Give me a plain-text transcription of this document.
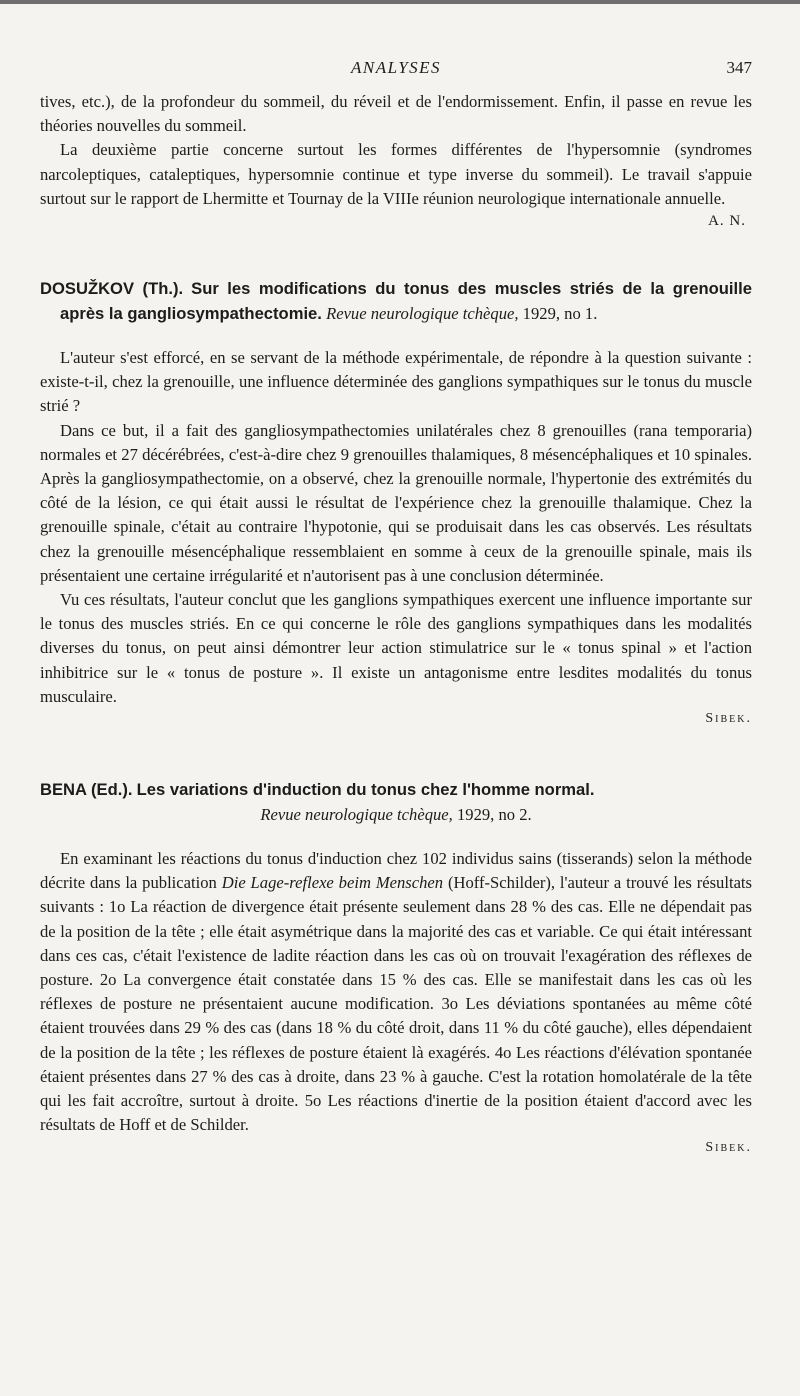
ANALYSES	347

tives, etc.), de la profondeur du sommeil, du réveil et de l'endormissement. Enfin, il passe en revue les théories nouvelles du sommeil.

La deuxième partie concerne surtout les formes différentes de l'hypersomnie (syndromes narcoleptiques, cataleptiques, hypersomnie continue et type inverse du sommeil). Le travail s'appuie surtout sur le rapport de Lhermitte et Tournay de la VIIIe réunion neurologique internationale annuelle.

A. N.
DOSUŽKOV (Th.). Sur les modifications du tonus des muscles striés de la grenouille après la gangliosympathectomie. Revue neurologique tchèque, 1929, no 1.

L'auteur s'est efforcé, en se servant de la méthode expérimentale, de répondre à la question suivante : existe-t-il, chez la grenouille, une influence déterminée des ganglions sympathiques sur le tonus du muscle strié ?

Dans ce but, il a fait des gangliosympathectomies unilatérales chez 8 grenouilles (rana temporaria) normales et 27 décérébrées, c'est-à-dire chez 9 grenouilles thalamiques, 8 mésencéphaliques et 10 spinales. Après la gangliosympathectomie, on a observé, chez la grenouille normale, l'hypertonie des extrémités du côté de la lésion, ce qui était aussi le résultat de l'expérience chez la grenouille thalamique. Chez la grenouille spinale, c'était au contraire l'hypotonie, qui se produisait dans les cas observés. Les résultats chez la grenouille mésencéphalique ressemblaient en somme à ceux de la grenouille spinale, mais ils présentaient une certaine irrégularité et n'autorisent pas à une conclusion déterminée.

Vu ces résultats, l'auteur conclut que les ganglions sympathiques exercent une influence importante sur le tonus des muscles striés. En ce qui concerne le rôle des ganglions sympathiques dans les modalités diverses du tonus, on peut ainsi démontrer leur action stimulatrice sur le « tonus spinal » et l'action inhibitrice sur le « tonus de posture ». Il existe un antagonisme entre lesdites modalités du tonus musculaire.

Sibek.
BENA (Ed.). Les variations d'induction du tonus chez l'homme normal.
Revue neurologique tchèque, 1929, no 2.

En examinant les réactions du tonus d'induction chez 102 individus sains (tisserands) selon la méthode décrite dans la publication Die Lage-reflexe beim Menschen (Hoff-Schilder), l'auteur a trouvé les résultats suivants : 1o La réaction de divergence était présente seulement dans 28 % des cas. Elle ne dépendait pas de la position de la tête ; elle était asymétrique dans la majorité des cas et variable. Ce qui était intéressant dans ces cas, c'était l'existence de ladite réaction dans les cas où on trouvait l'exagération des réflexes de posture. 2o La convergence était constatée dans 15 % des cas. Elle se manifestait dans les cas où les réflexes de posture ne présentaient aucune modification. 3o Les déviations spontanées au même côté étaient trouvées dans 29 % des cas (dans 18 % du côté droit, dans 11 % du côté gauche), elles dépendaient de la position de la tête ; les réflexes de posture étaient là exagérés. 4o Les réactions d'élévation spontanée étaient présentes dans 27 % des cas à droite, dans 23 % à gauche. C'est la rotation homolatérale de la tête qui les fait accroître, surtout à droite. 5o Les réactions d'inertie de la position étaient d'accord avec les résultats de Hoff et de Schilder.

Sibek.
